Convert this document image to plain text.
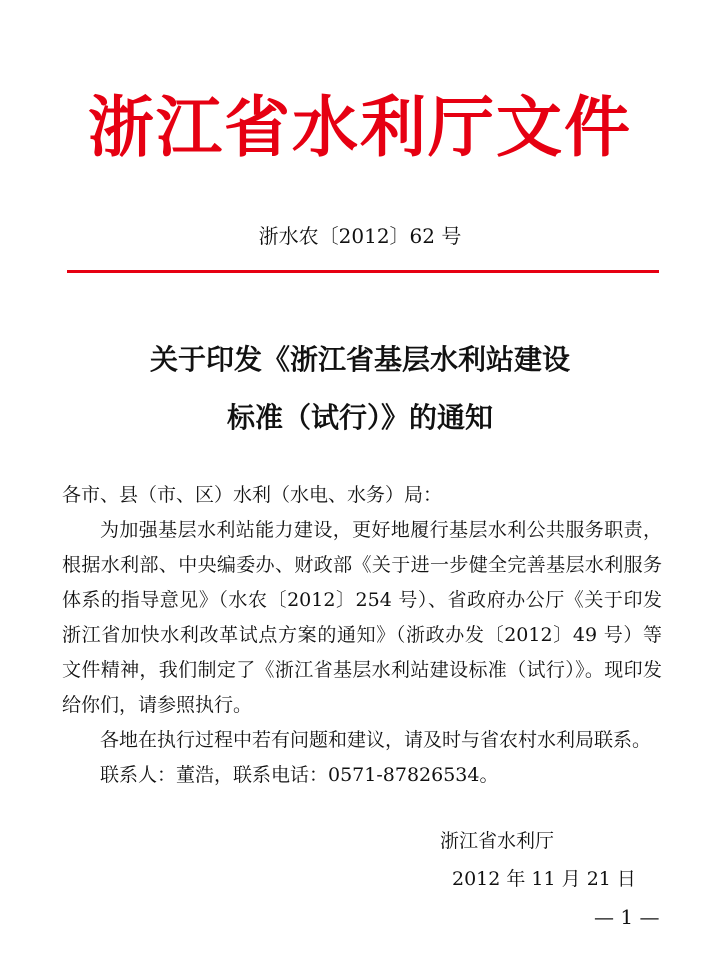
浙江省水利厅文件
浙水农〔2012〕62 号
关于印发《浙江省基层水利站建设
标准（试行）》的通知

各市、县（市、区）水利（水电、水务）局：

为加强基层水利站能力建设，更好地履行基层水利公共服务职责，根据水利部、中央编委办、财政部《关于进一步健全完善基层水利服务体系的指导意见》（水农〔2012〕254 号）、省政府办公厅《关于印发浙江省加快水利改革试点方案的通知》（浙政办发〔2012〕49 号）等文件精神，我们制定了《浙江省基层水利站建设标准（试行）》。现印发给你们，请参照执行。

各地在执行过程中若有问题和建议，请及时与省农村水利局联系。

联系人：董浩，联系电话：0571-87826534。

浙江省水利厅
2012 年 11 月 21 日
— 1 —
